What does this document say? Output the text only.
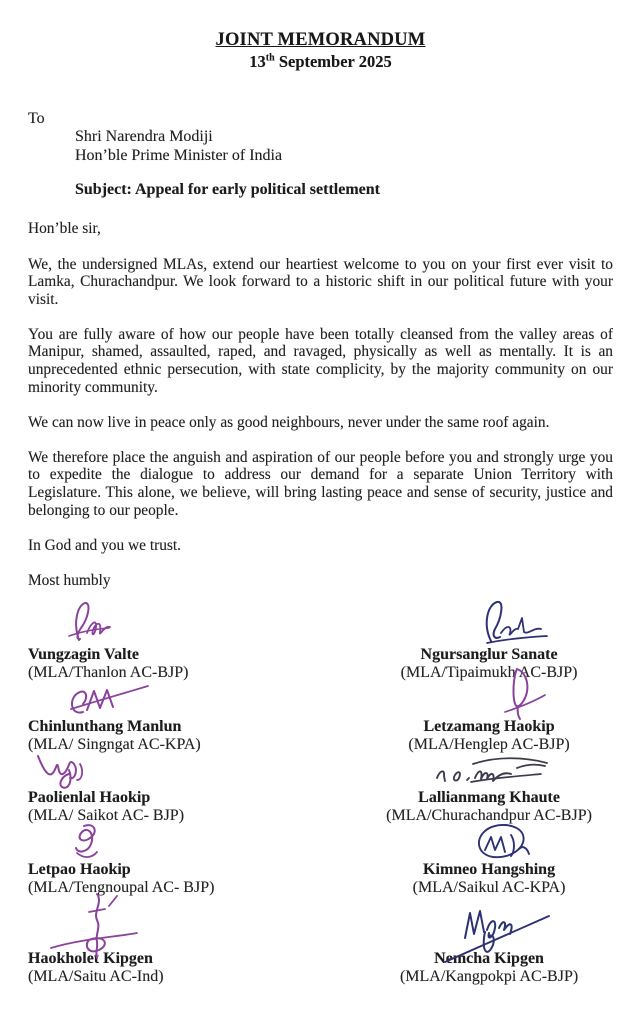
JOINT MEMORANDUM
13th September 2025
To
Shri Narendra Modiji
Hon’ble Prime Minister of India
Subject: Appeal for early political settlement
Hon’ble sir,

We, the undersigned MLAs, extend our heartiest welcome to you on your first ever visit to Lamka, Churachandpur. We look forward to a historic shift in our political future with your visit.

You are fully aware of how our people have been totally cleansed from the valley areas of Manipur, shamed, assaulted, raped, and ravaged, physically as well as mentally. It is an unprecedented ethnic persecution, with state complicity, by the majority community on our minority community.

We can now live in peace only as good neighbours, never under the same roof again.

We therefore place the anguish and aspiration of our people before you and strongly urge you to expedite the dialogue to address our demand for a separate Union Territory with Legislature. This alone, we believe, will bring lasting peace and sense of security, justice and belonging to our people.

In God and you we trust.
Most humbly
Vungzagin Valte
(MLA/Thanlon AC-BJP)
Ngursanglur Sanate
(MLA/Tipaimukh AC-BJP)
Chinlunthang Manlun
(MLA/ Singngat AC-KPA)
Letzamang Haokip
(MLA/Henglep AC-BJP)
Paolienlal Haokip
(MLA/ Saikot AC- BJP)
Lallianmang Khaute
(MLA/Churachandpur AC-BJP)
Letpao Haokip
(MLA/Tengnoupal AC- BJP)
Kimneo Hangshing
(MLA/Saikul AC-KPA)
Haokholet Kipgen
(MLA/Saitu AC-Ind)
Nemcha Kipgen
(MLA/Kangpokpi AC-BJP)
